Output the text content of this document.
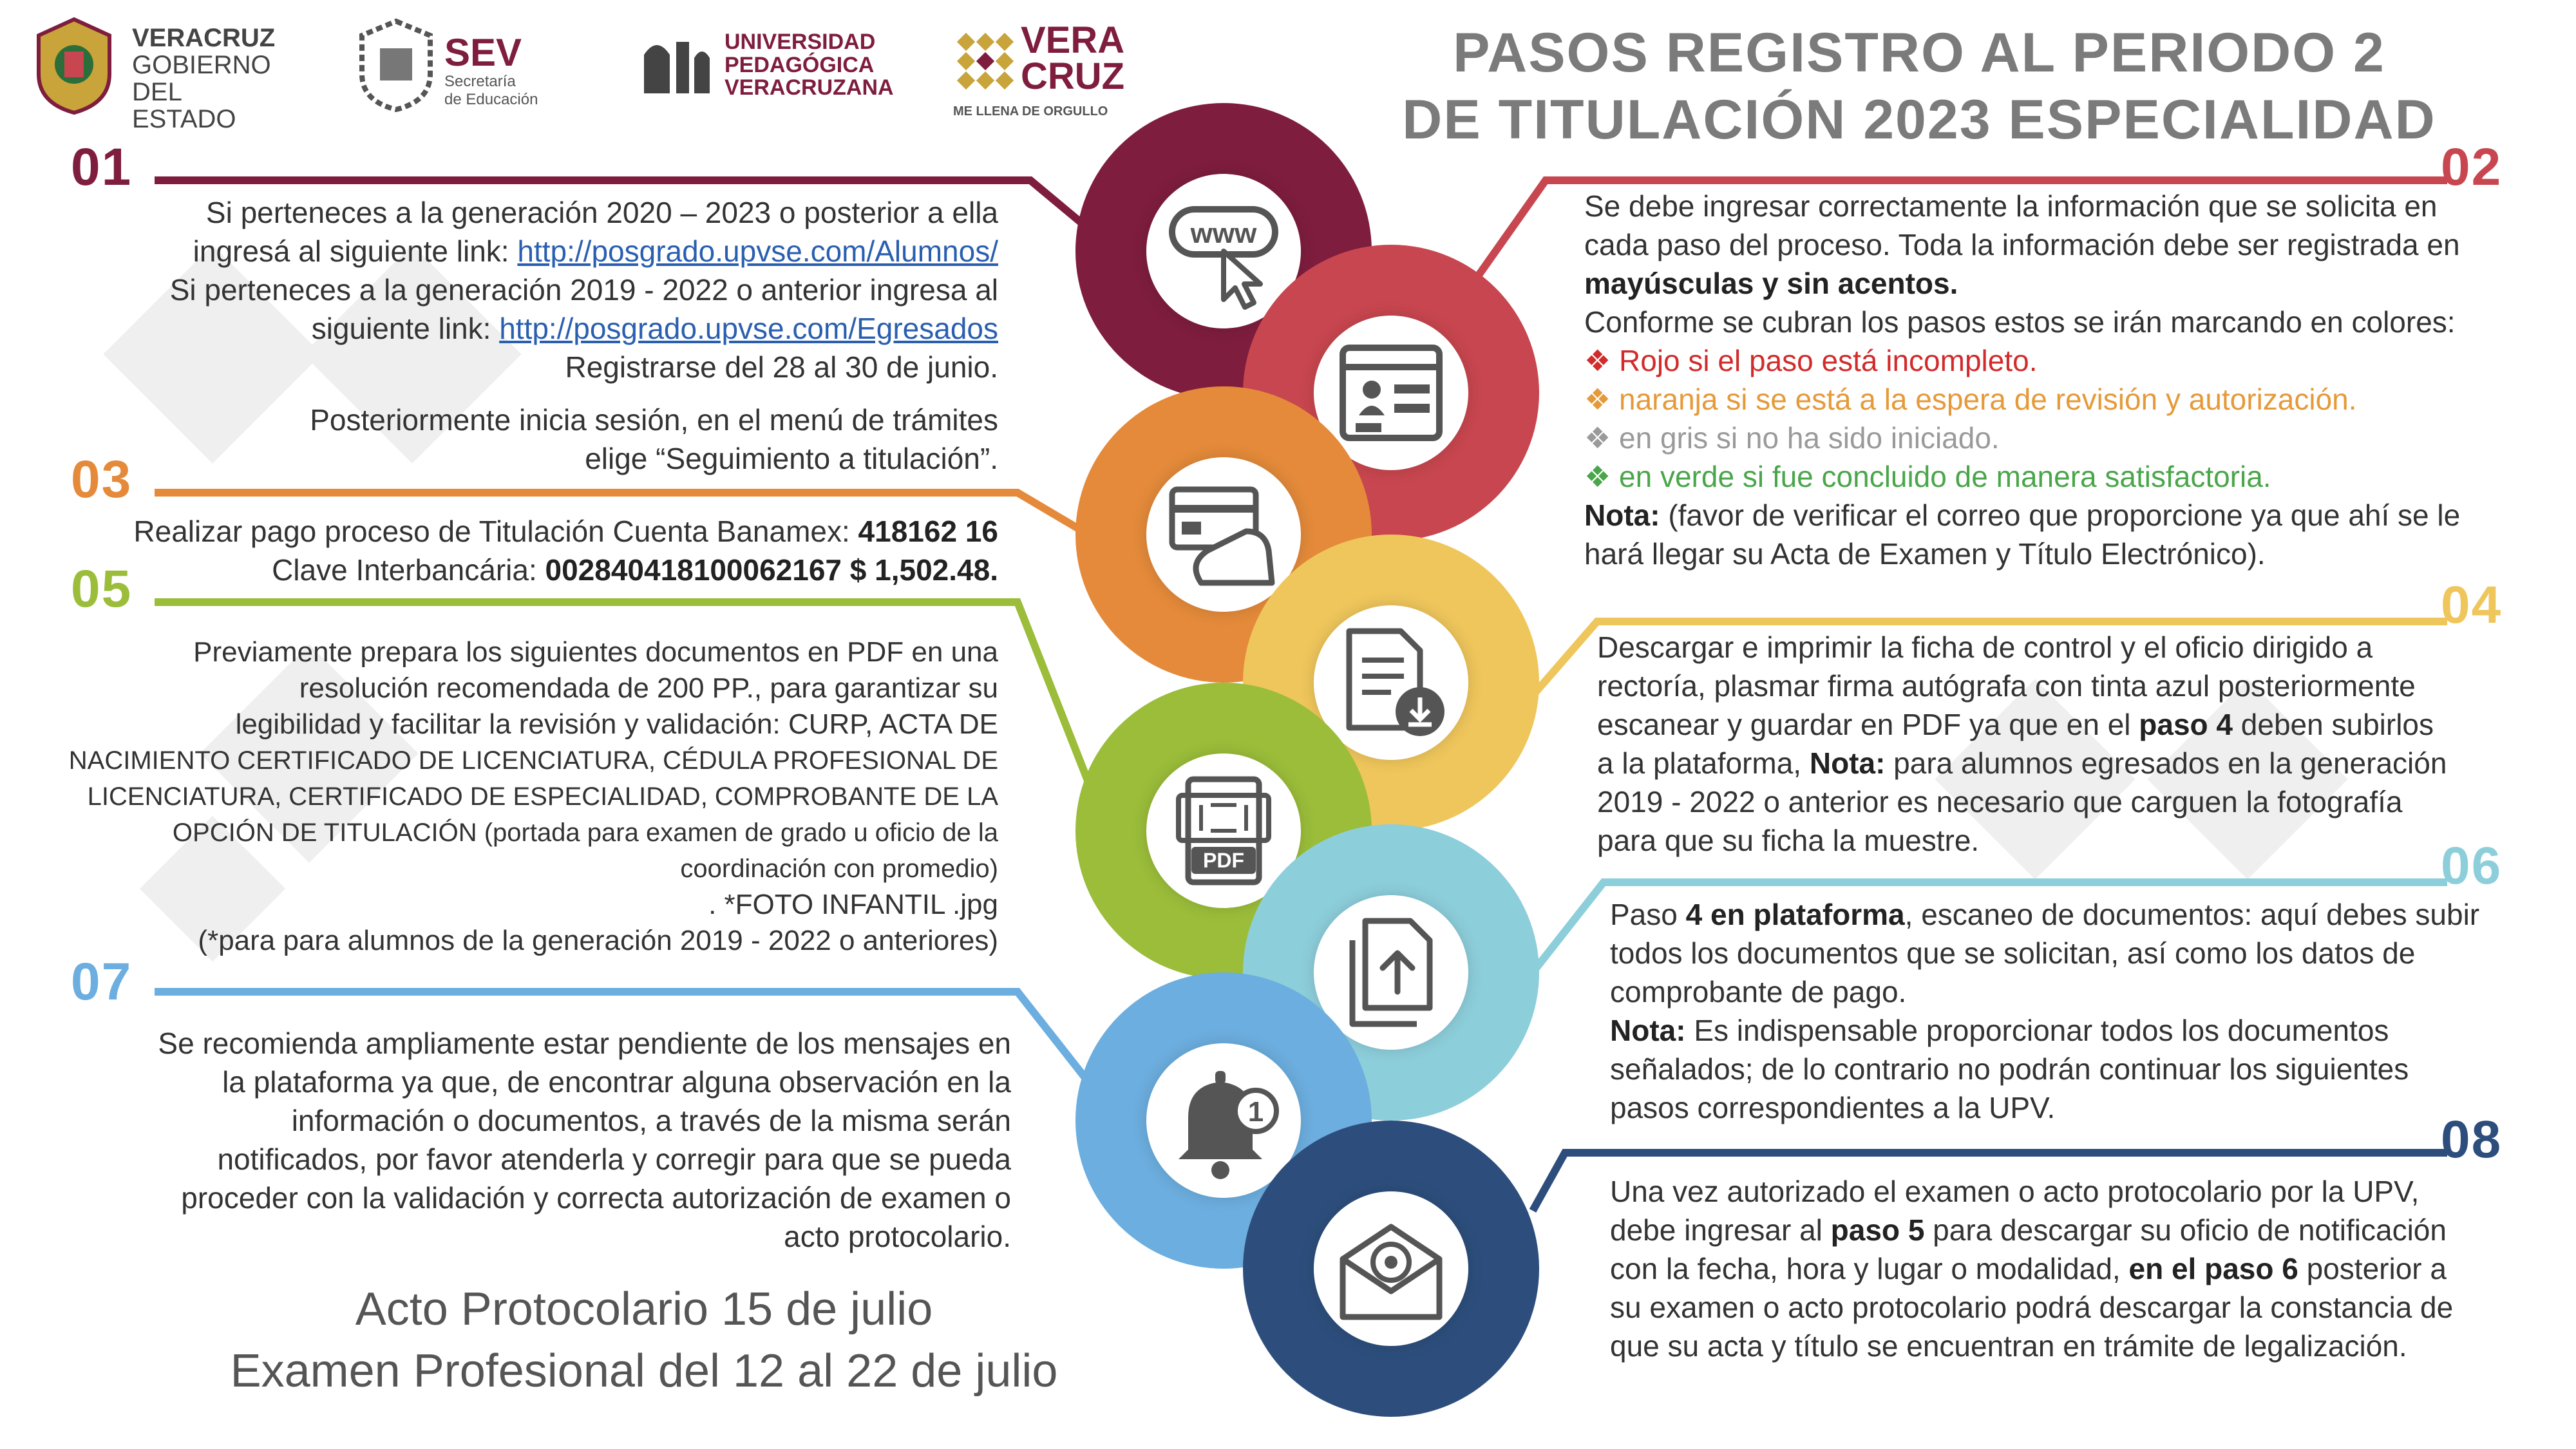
VERACRUZ
GOBIERNO
DEL ESTADO
SEV
Secretaría
de Educación
UNIVERSIDAD
PEDAGÓGICA
VERACRUZANA
VERA
CRUZ
ME LLENA DE ORGULLO
PASOS REGISTRO AL PERIODO 2
DE TITULACIÓN 2023 ESPECIALIDAD
www
PDF
1
01
Si perteneces a la generación 2020 – 2023 o posterior a ella
ingresá al siguiente link: http://posgrado.upvse.com/Alumnos/
Si perteneces a la generación 2019 - 2022 o anterior ingresa al
siguiente link: http://posgrado.upvse.com/Egresados
Registrarse del 28 al 30 de junio.
Posteriormente inicia sesión, en el menú de trámites
elige “Seguimiento a titulación”.
02
Se debe ingresar correctamente la información que se solicita en
cada paso del proceso. Toda la información debe ser registrada en
mayúsculas y sin acentos.
Conforme se cubran los pasos estos se irán marcando en colores:
❖ Rojo si el paso está incompleto.
❖ naranja si se está a la espera de revisión y autorización.
❖ en gris si no ha sido iniciado.
❖ en verde si fue concluido de manera satisfactoria.
Nota: (favor de verificar el correo que proporcione ya que ahí se le
hará llegar su Acta de Examen y Título Electrónico).
03
Realizar pago proceso de Titulación Cuenta Banamex: 418162 16
Clave Interbancária: 002840418100062167 $ 1,502.48.
04
Descargar e imprimir la ficha de control y el oficio dirigido a
rectoría, plasmar firma autógrafa con tinta azul posteriormente
escanear y guardar en PDF ya que en el paso 4 deben subirlos
a la plataforma, Nota: para alumnos egresados en la generación
2019 - 2022 o anterior es necesario que carguen la fotografía
para que su ficha la muestre.
05
Previamente prepara los siguientes documentos en PDF en una
resolución recomendada de 200 PP., para garantizar su
legibilidad y facilitar la revisión y validación: CURP, ACTA DE
NACIMIENTO CERTIFICADO DE LICENCIATURA, CÉDULA PROFESIONAL DE
LICENCIATURA, CERTIFICADO DE ESPECIALIDAD, COMPROBANTE DE LA
OPCIÓN DE TITULACIÓN (portada para examen de grado u oficio de la
coordinación con promedio)
. *FOTO INFANTIL .jpg
(*para para alumnos de la generación 2019 - 2022 o anteriores)
06
Paso 4 en plataforma, escaneo de documentos: aquí debes subir
todos los documentos que se solicitan, así como los datos de
comprobante de pago.
Nota: Es indispensable proporcionar todos los documentos
señalados; de lo contrario no podrán continuar los siguientes
pasos correspondientes a la UPV.
07
Se recomienda ampliamente estar pendiente de los mensajes en
la plataforma ya que, de encontrar alguna observación en la
información o documentos, a través de la misma serán
notificados, por favor atenderla y corregir para que se pueda
proceder con la validación y correcta autorización de examen o
acto protocolario.
08
Una vez autorizado el examen o acto protocolario por la UPV,
debe ingresar al paso 5 para descargar su oficio de notificación
con la fecha, hora y lugar o modalidad, en el paso 6 posterior a
su examen o acto protocolario podrá descargar la constancia de
que su acta y título se encuentran en trámite de legalización.
Acto Protocolario 15 de julio
Examen Profesional del 12 al 22 de julio
